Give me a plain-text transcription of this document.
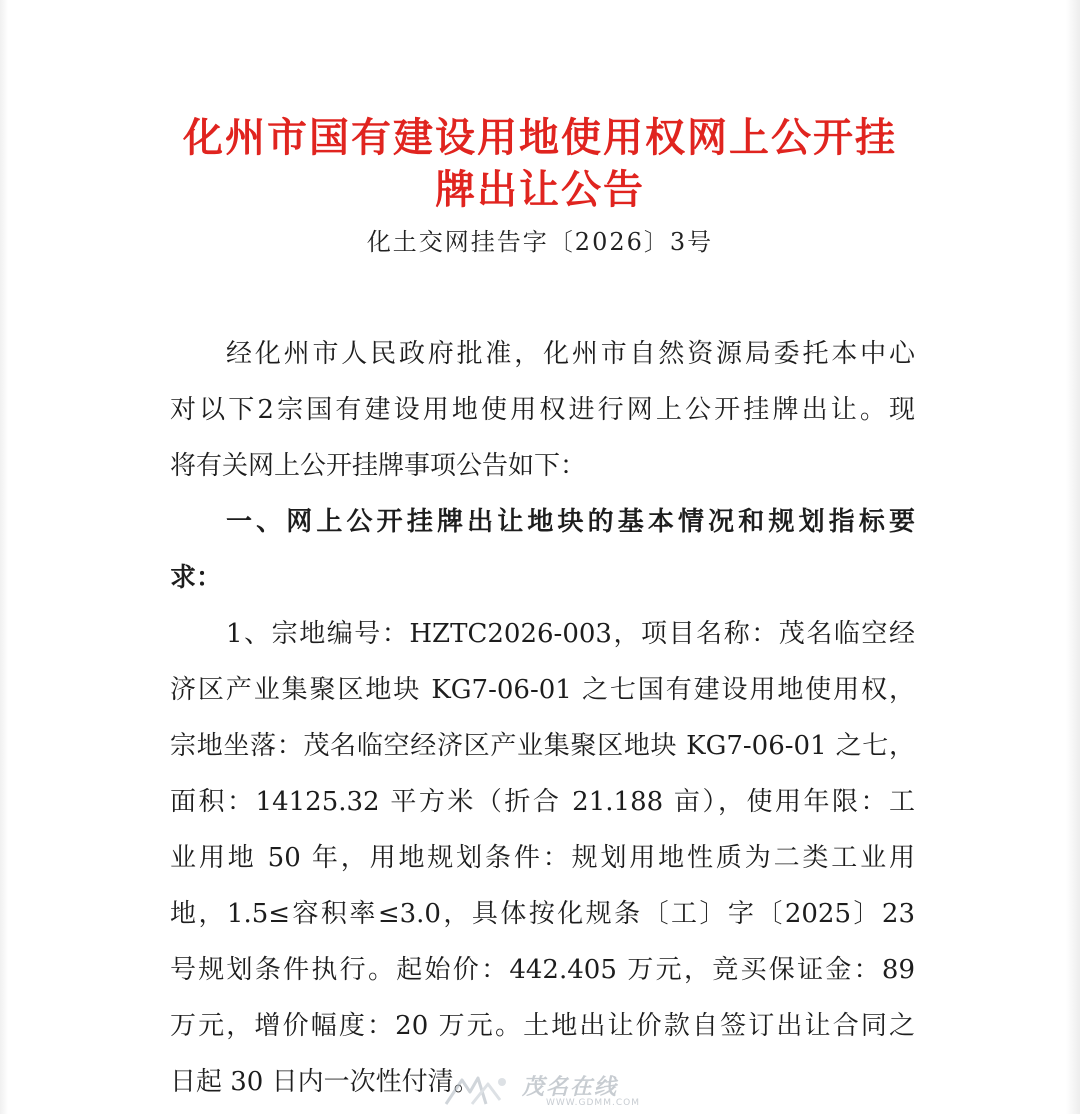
化州市国有建设用地使用权网上公开挂
牌出让公告
化土交网挂告字〔2026〕3号
经化州市人民政府批准，化州市自然资源局委托本中心
对以下2宗国有建设用地使用权进行网上公开挂牌出让。现
将有关网上公开挂牌事项公告如下：
一、网上公开挂牌出让地块的基本情况和规划指标要
求：
1、宗地编号：HZTC2026-003，项目名称：茂名临空经
济区产业集聚区地块 KG7-06-01 之七国有建设用地使用权，
宗地坐落：茂名临空经济区产业集聚区地块 KG7-06-01 之七，
面积：14125.32 平方米（折合 21.188 亩），使用年限：工
业用地 50 年，用地规划条件：规划用地性质为二类工业用
地，1.5≤容积率≤3.0，具体按化规条〔工〕字〔2025〕23
号规划条件执行。起始价：442.405 万元，竞买保证金：89
万元，增价幅度：20 万元。土地出让价款自签订出让合同之
日起 30 日内一次性付清。	茂名在线
WWW.GDMM.COM
